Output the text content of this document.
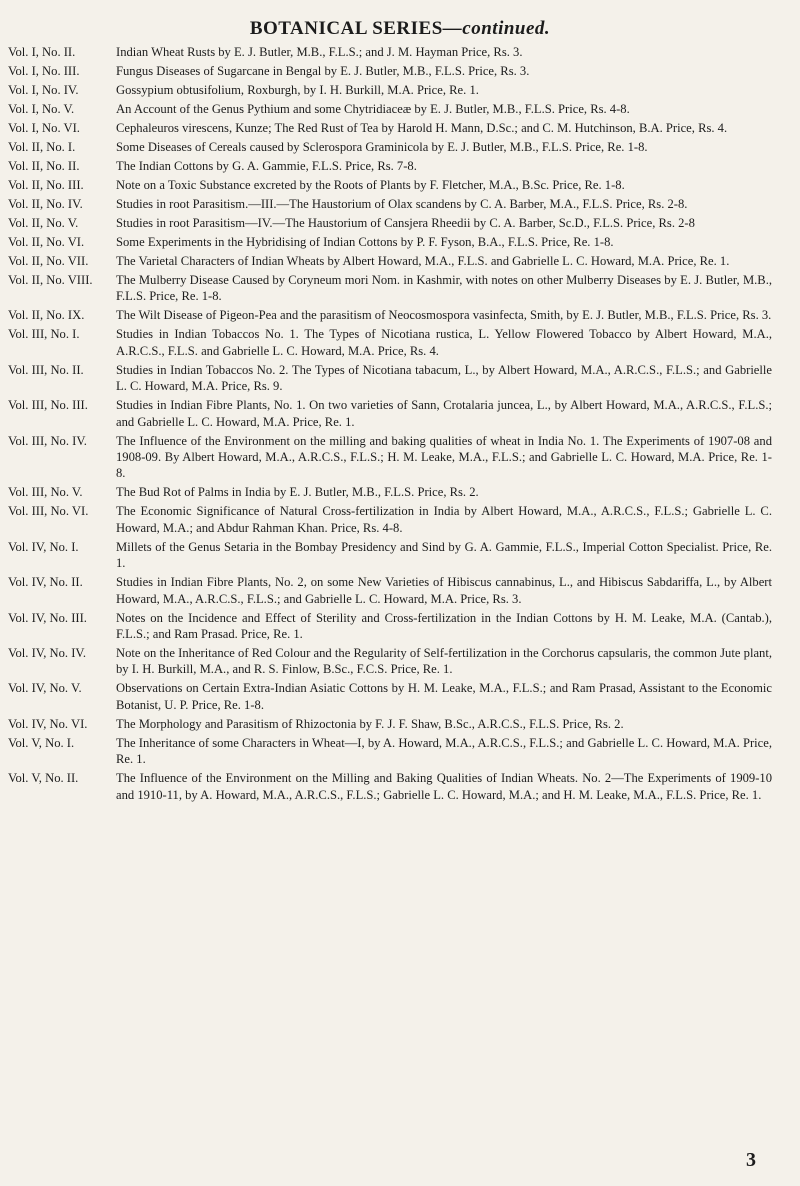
BOTANICAL SERIES—continued.
Vol. I, No. II.	Indian Wheat Rusts by E. J. Butler, M.B., F.L.S.; and J. M. Hayman Price, Rs. 3.
Vol. I, No. III.	Fungus Diseases of Sugarcane in Bengal by E. J. Butler, M.B., F.L.S. Price, Rs. 3.
Vol. I, No. IV.	Gossypium obtusifolium, Roxburgh, by I. H. Burkill, M.A. Price, Re. 1.
Vol. I, No. V.	An Account of the Genus Pythium and some Chytridiaceæ by E. J. Butler, M.B., F.L.S. Price, Rs. 4-8.
Vol. I, No. VI.	Cephaleuros virescens, Kunze; The Red Rust of Tea by Harold H. Mann, D.Sc.; and C. M. Hutchinson, B.A. Price, Rs. 4.
Vol. II, No. I.	Some Diseases of Cereals caused by Sclerospora Graminicola by E. J. Butler, M.B., F.L.S. Price, Re. 1-8.
Vol. II, No. II.	The Indian Cottons by G. A. Gammie, F.L.S. Price, Rs. 7-8.
Vol. II, No. III.	Note on a Toxic Substance excreted by the Roots of Plants by F. Fletcher, M.A., B.Sc. Price, Re. 1-8.
Vol. II, No. IV.	Studies in root Parasitism.—III.—The Haustorium of Olax scandens by C. A. Barber, M.A., F.L.S. Price, Rs. 2-8.
Vol. II, No. V.	Studies in root Parasitism—IV.—The Haustorium of Cansjera Rheedii by C. A. Barber, Sc.D., F.L.S. Price, Rs. 2-8
Vol. II, No. VI.	Some Experiments in the Hybridising of Indian Cottons by P. F. Fyson, B.A., F.L.S. Price, Re. 1-8.
Vol. II, No. VII.	The Varietal Characters of Indian Wheats by Albert Howard, M.A., F.L.S. and Gabrielle L. C. Howard, M.A. Price, Re. 1.
Vol. II, No. VIII.	The Mulberry Disease Caused by Coryneum mori Nom. in Kashmir, with notes on other Mulberry Diseases by E. J. Butler, M.B., F.L.S. Price, Re. 1-8.
Vol. II, No. IX.	The Wilt Disease of Pigeon-Pea and the parasitism of Neocosmospora vasinfecta, Smith, by E. J. Butler, M.B., F.L.S. Price, Rs. 3.
Vol. III, No. I.	Studies in Indian Tobaccos No. 1. The Types of Nicotiana rustica, L. Yellow Flowered Tobacco by Albert Howard, M.A., A.R.C.S., F.L.S. and Gabrielle L. C. Howard, M.A. Price, Rs. 4.
Vol. III, No. II.	Studies in Indian Tobaccos No. 2. The Types of Nicotiana tabacum, L., by Albert Howard, M.A., A.R.C.S., F.L.S.; and Gabrielle L. C. Howard, M.A. Price, Rs. 9.
Vol. III, No. III.	Studies in Indian Fibre Plants, No. 1. On two varieties of Sann, Crotalaria juncea, L., by Albert Howard, M.A., A.R.C.S., F.L.S.; and Gabrielle L. C. Howard, M.A. Price, Re. 1.
Vol. III, No. IV.	The Influence of the Environment on the milling and baking qualities of wheat in India No. 1. The Experiments of 1907-08 and 1908-09. By Albert Howard, M.A., A.R.C.S., F.L.S.; H. M. Leake, M.A., F.L.S.; and Gabrielle L. C. Howard, M.A. Price, Re. 1-8.
Vol. III, No. V.	The Bud Rot of Palms in India by E. J. Butler, M.B., F.L.S. Price, Rs. 2.
Vol. III, No. VI.	The Economic Significance of Natural Cross-fertilization in India by Albert Howard, M.A., A.R.C.S., F.L.S.; Gabrielle L. C. Howard, M.A.; and Abdur Rahman Khan. Price, Rs. 4-8.
Vol. IV, No. I.	Millets of the Genus Setaria in the Bombay Presidency and Sind by G. A. Gammie, F.L.S., Imperial Cotton Specialist. Price, Re. 1.
Vol. IV, No. II.	Studies in Indian Fibre Plants, No. 2, on some New Varieties of Hibiscus cannabinus, L., and Hibiscus Sabdariffa, L., by Albert Howard, M.A., A.R.C.S., F.L.S.; and Gabrielle L. C. Howard, M.A. Price, Rs. 3.
Vol. IV, No. III.	Notes on the Incidence and Effect of Sterility and Cross-fertilization in the Indian Cottons by H. M. Leake, M.A. (Cantab.), F.L.S.; and Ram Prasad. Price, Re. 1.
Vol. IV, No. IV.	Note on the Inheritance of Red Colour and the Regularity of Self-fertilization in the Corchorus capsularis, the common Jute plant, by I. H. Burkill, M.A., and R. S. Finlow, B.Sc., F.C.S. Price, Re. 1.
Vol. IV, No. V.	Observations on Certain Extra-Indian Asiatic Cottons by H. M. Leake, M.A., F.L.S.; and Ram Prasad, Assistant to the Economic Botanist, U. P. Price, Re. 1-8.
Vol. IV, No. VI.	The Morphology and Parasitism of Rhizoctonia by F. J. F. Shaw, B.Sc., A.R.C.S., F.L.S. Price, Rs. 2.
Vol. V, No. I.	The Inheritance of some Characters in Wheat—I, by A. Howard, M.A., A.R.C.S., F.L.S.; and Gabrielle L. C. Howard, M.A. Price, Re. 1.
Vol. V, No. II.	The Influence of the Environment on the Milling and Baking Qualities of Indian Wheats. No. 2—The Experiments of 1909-10 and 1910-11, by A. Howard, M.A., A.R.C.S., F.L.S.; Gabrielle L. C. Howard, M.A.; and H. M. Leake, M.A., F.L.S. Price, Re. 1.
3
